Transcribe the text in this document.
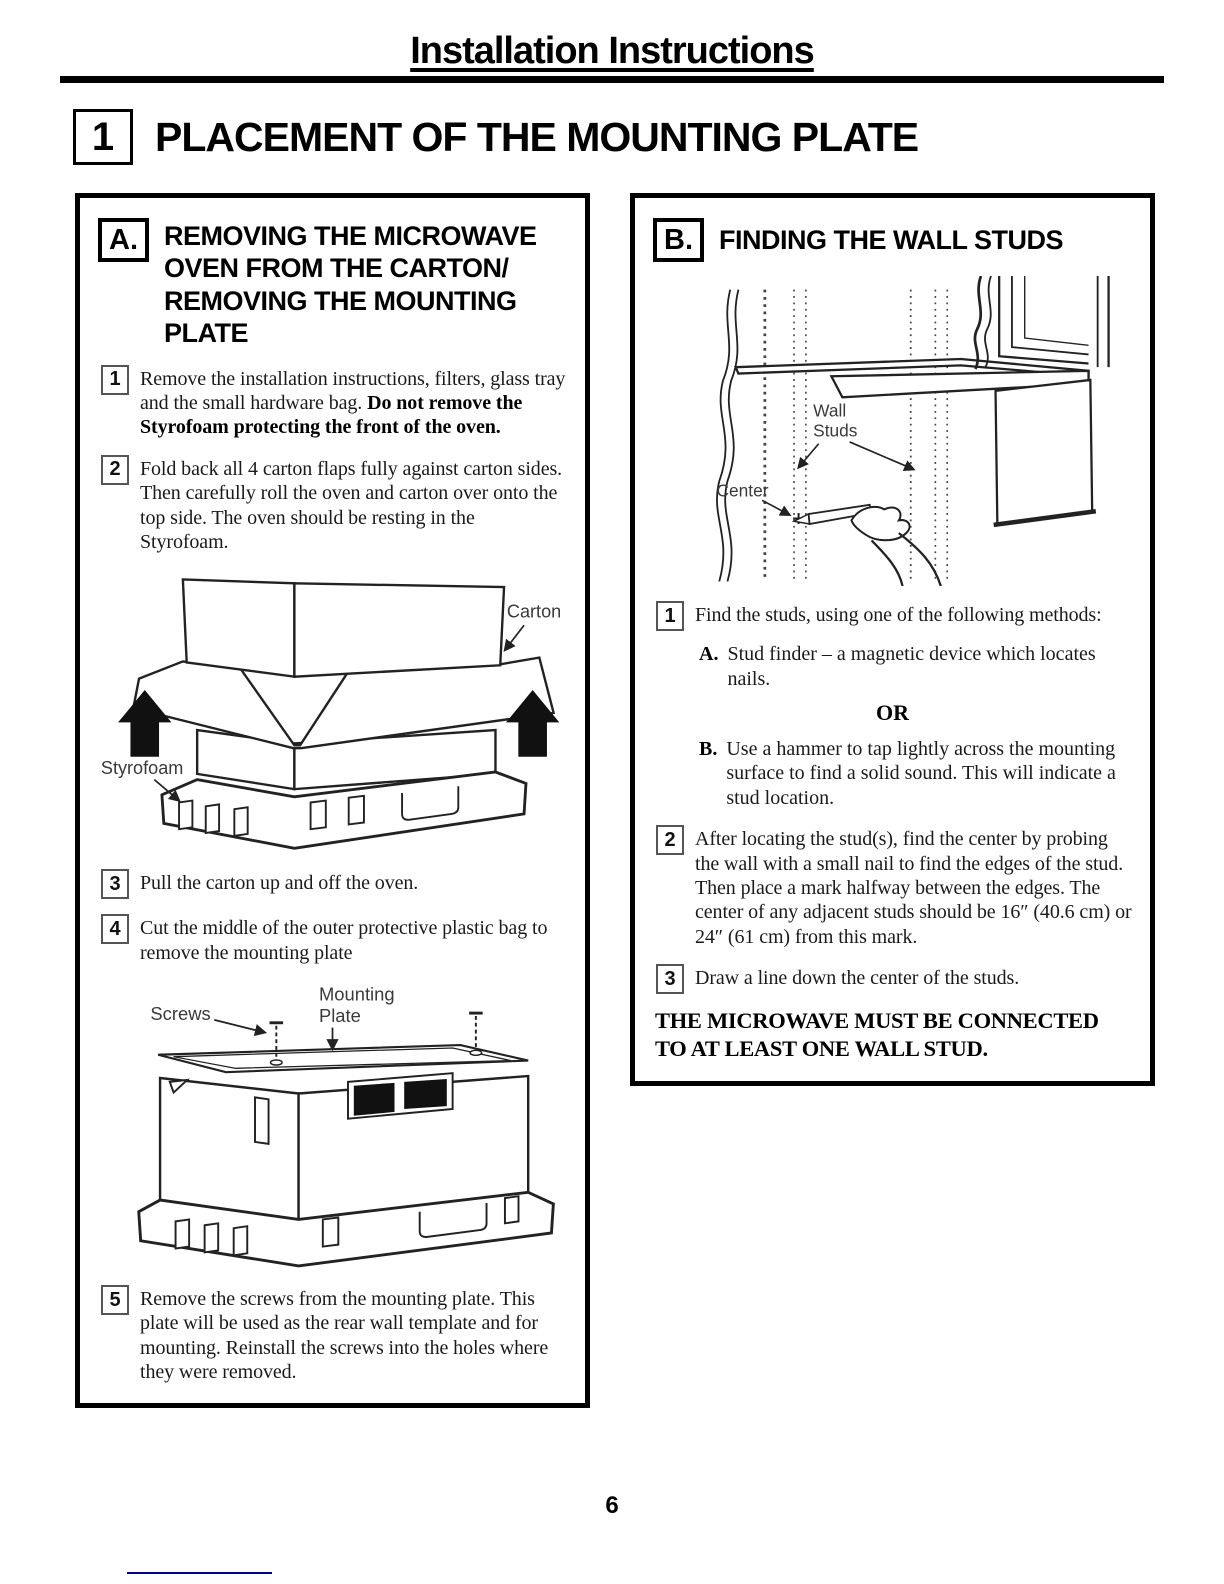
Installation Instructions
1 PLACEMENT OF THE MOUNTING PLATE
A. REMOVING THE MICROWAVE
OVEN FROM THE CARTON/
REMOVING THE MOUNTING
PLATE
1 Remove the installation instructions, filters, glass tray and the small hardware bag. Do not remove the Styrofoam protecting the front of the oven.
2 Fold back all 4 carton flaps fully against carton sides. Then carefully roll the oven and carton over onto the top side. The oven should be resting in the Styrofoam.
Carton
Styrofoam
3 Pull the carton up and off the oven.
4 Cut the middle of the outer protective plastic bag to remove the mounting plate
Screws
Mounting
Plate
5 Remove the screws from the mounting plate. This plate will be used as the rear wall template and for mounting. Reinstall the screws into the holes where they were removed.
B. FINDING THE WALL STUDS
Wall
Studs
Center
1 Find the studs, using one of the following methods:
A. Stud finder – a magnetic device which locates nails.
OR
B. Use a hammer to tap lightly across the mounting surface to find a solid sound. This will indicate a stud location.
2 After locating the stud(s), find the center by probing the wall with a small nail to find the edges of the stud. Then place a mark halfway between the edges. The center of any adjacent studs should be 16″ (40.6 cm) or 24″ (61 cm) from this mark.
3 Draw a line down the center of the studs.
THE MICROWAVE MUST BE CONNECTED TO AT LEAST ONE WALL STUD.
6
